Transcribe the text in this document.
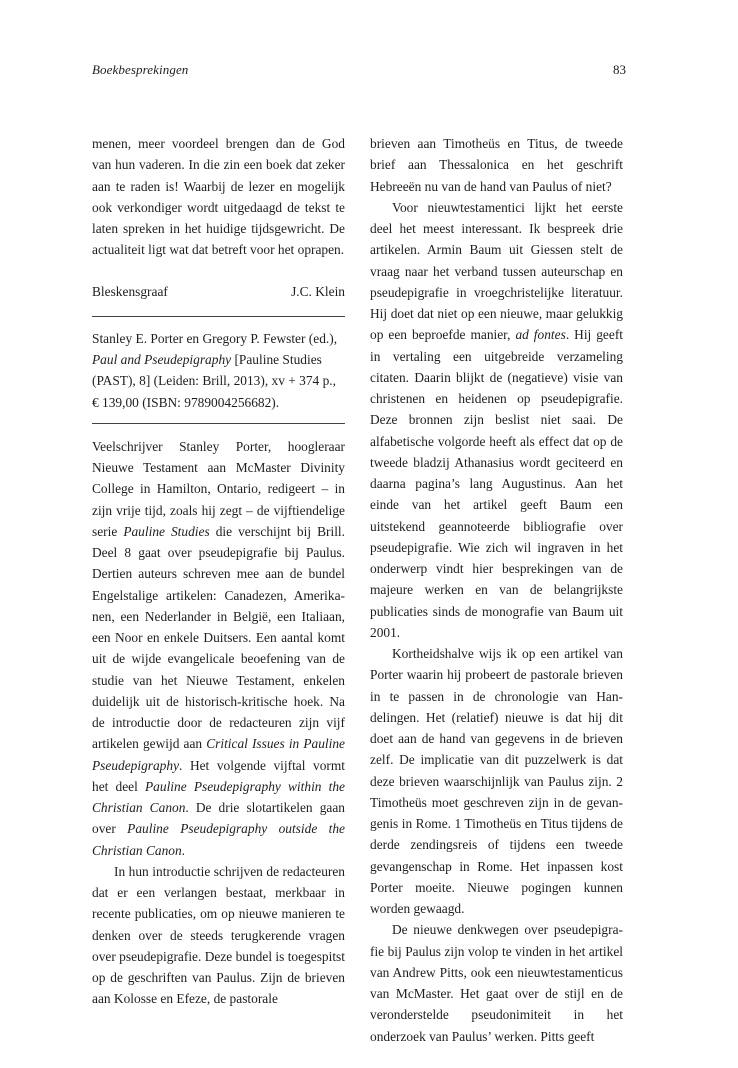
Boekbesprekingen	83

menen, meer voordeel brengen dan de God van hun vaderen. In die zin een boek dat zeker aan te raden is! Waarbij de lezer en mogelijk ook verkondiger wordt uitgedaagd de tekst te laten spreken in het huidige tijdsgewricht. De actualiteit ligt wat dat betreft voor het oprapen.

Bleskensgraaf	J.C. Klein

Stanley E. Porter en Gregory P. Fewster (ed.), Paul and Pseudepigraphy [Pauline Studies (PAST), 8] (Leiden: Brill, 2013), xv + 374 p., € 139,00 (ISBN: 9789004256682).

Veelschrijver Stanley Porter, hoogleraar Nieuwe Testament aan McMaster Divinity College in Hamilton, Ontario, redigeert – in zijn vrije tijd, zoals hij zegt – de vijftiendelige serie Pauline Studies die verschijnt bij Brill. Deel 8 gaat over pseudepigrafie bij Paulus. Dertien auteurs schreven mee aan de bundel Engelstalige artikelen: Canadezen, Amerikanen, een Nederlander in België, een Italiaan, een Noor en enkele Duitsers. Een aantal komt uit de wijde evangelicale beoefening van de studie van het Nieuwe Testament, enkelen duidelijk uit de historisch-kritische hoek. Na de introductie door de redacteuren zijn vijf artikelen gewijd aan Critical Issues in Pauline Pseudepigraphy. Het volgende vijftal vormt het deel Pauline Pseudepigraphy within the Christian Canon. De drie slotartikelen gaan over Pauline Pseudepigraphy outside the Christian Canon.

In hun introductie schrijven de redacteuren dat er een verlangen bestaat, merkbaar in recente publicaties, om op nieuwe manieren te denken over de steeds terugkerende vragen over pseudepigrafie. Deze bundel is toegespitst op de geschriften van Paulus. Zijn de brieven aan Kolosse en Efeze, de pastorale

brieven aan Timotheüs en Titus, de tweede brief aan Thessalonica en het geschrift Hebreeën nu van de hand van Paulus of niet?

Voor nieuwtestamentici lijkt het eerste deel het meest interessant. Ik bespreek drie artikelen. Armin Baum uit Giessen stelt de vraag naar het verband tussen auteurschap en pseudepigrafie in vroegchristelijke literatuur. Hij doet dat niet op een nieuwe, maar gelukkig op een beproefde manier, ad fontes. Hij geeft in vertaling een uitgebreide verzameling citaten. Daarin blijkt de (negatieve) visie van christenen en heidenen op pseudepigrafie. Deze bronnen zijn beslist niet saai. De alfabetische volgorde heeft als effect dat op de tweede bladzij Athanasius wordt geciteerd en daarna pagina’s lang Augustinus. Aan het einde van het artikel geeft Baum een uitstekend geannoteerde bibliografie over pseudepigrafie. Wie zich wil ingraven in het onderwerp vindt hier besprekingen van de majeure werken en van de belangrijkste publicaties sinds de monografie van Baum uit 2001.

Kortheidshalve wijs ik op een artikel van Porter waarin hij probeert de pastorale brieven in te passen in de chronologie van Handelingen. Het (relatief) nieuwe is dat hij dit doet aan de hand van gegevens in de brieven zelf. De implicatie van dit puzzelwerk is dat deze brieven waarschijnlijk van Paulus zijn. 2 Timotheüs moet geschreven zijn in de gevangenis in Rome. 1 Timotheüs en Titus tijdens de derde zendingsreis of tijdens een tweede gevangenschap in Rome. Het inpassen kost Porter moeite. Nieuwe pogingen kunnen worden gewaagd.

De nieuwe denkwegen over pseudepigrafie bij Paulus zijn volop te vinden in het artikel van Andrew Pitts, ook een nieuwtestamenticus van McMaster. Het gaat over de stijl en de veronderstelde pseudonimiteit in het onderzoek van Paulus’ werken. Pitts geeft
